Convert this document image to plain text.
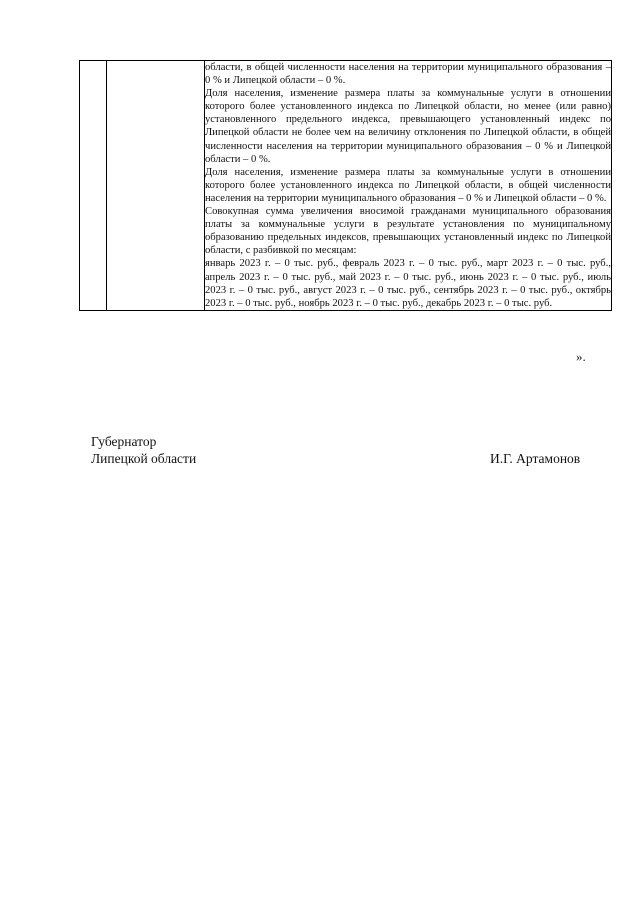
области, в общей численности населения на территории муниципального образования – 0 % и Липецкой области – 0 %.

Доля населения, изменение размера платы за коммунальные услуги в отношении которого более установленного индекса по Липецкой области, но менее (или равно) установленного предельного индекса, превышающего установленный индекс по Липецкой области не более чем на величину отклонения по Липецкой области, в общей численности населения на территории муниципального образования – 0 % и Липецкой области – 0 %.

Доля населения, изменение размера платы за коммунальные услуги в отношении которого более установленного индекса по Липецкой области, в общей численности населения на территории муниципального образования – 0 % и Липецкой области – 0 %.

Совокупная сумма увеличения вносимой гражданами муниципального образования платы за коммунальные услуги в результате установления по муниципальному образованию предельных индексов, превышающих установленный индекс по Липецкой области, с разбивкой по месяцам:

январь 2023 г. – 0 тыс. руб., февраль 2023 г. – 0 тыс. руб., март 2023 г. – 0 тыс. руб., апрель 2023 г. – 0 тыс. руб., май 2023 г. – 0 тыс. руб., июнь 2023 г. – 0 тыс. руб., июль 2023 г. – 0 тыс. руб., август 2023 г. – 0 тыс. руб., сентябрь 2023 г. – 0 тыс. руб., октябрь 2023 г. – 0 тыс. руб., ноябрь 2023 г. – 0 тыс. руб., декабрь 2023 г. – 0 тыс. руб.

».
Губернатор
Липецкой области	И.Г. Артамонов
